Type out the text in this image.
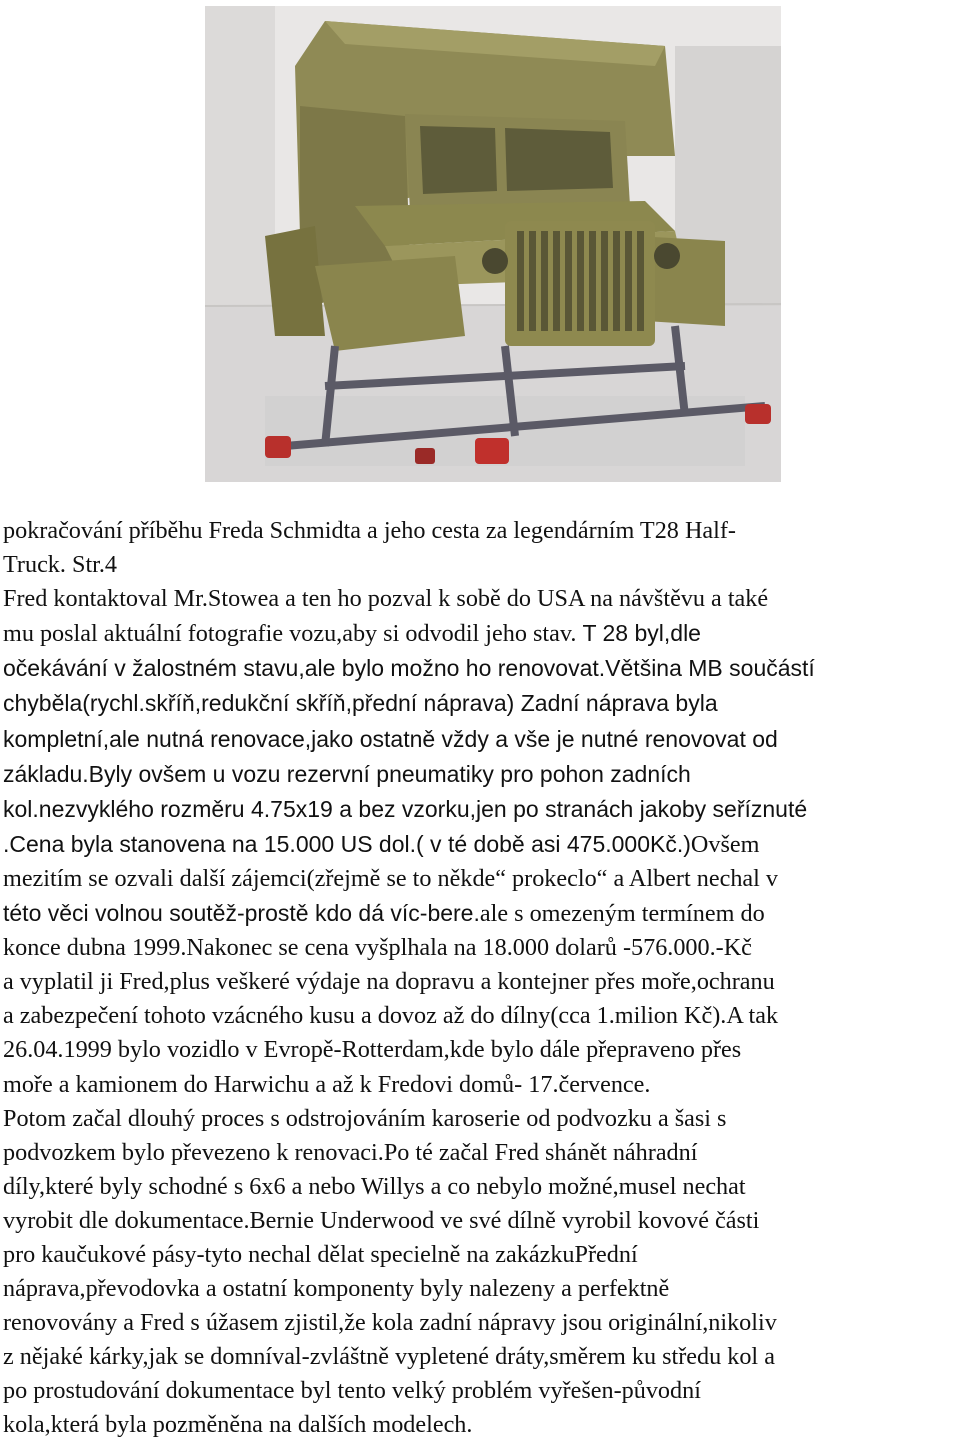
pokračování příběhu Freda Schmidta a jeho cesta za legendárním T28 Half-
Truck. Str.4
Fred kontaktoval Mr.Stowea a ten ho pozval k sobě do USA na návštěvu a také
mu poslal aktuální fotografie vozu,aby si odvodil jeho stav. T 28 byl,dle
očekávání v žalostném stavu,ale bylo možno ho renovovat.Většina MB součástí
chyběla(rychl.skříň,redukční skříň,přední náprava) Zadní náprava byla
kompletní,ale nutná renovace,jako ostatně vždy a vše je nutné renovovat od
základu.Byly ovšem u vozu rezervní pneumatiky pro pohon zadních
kol.nezvyklého rozměru 4.75x19 a bez vzorku,jen po stranách jakoby seříznuté
.Cena byla stanovena na 15.000 US dol.( v té době asi 475.000Kč.)Ovšem
mezitím se ozvali další zájemci(zřejmě se to někde“ prokeclo“ a Albert nechal v
této věci volnou soutěž-prostě kdo dá víc-bere.ale s omezeným termínem do
konce dubna 1999.Nakonec se cena vyšplhala na 18.000 dolarů -576.000.-Kč
a vyplatil ji Fred,plus veškeré výdaje na dopravu a kontejner přes moře,ochranu
a zabezpečení tohoto vzácného kusu a dovoz až do dílny(cca 1.milion Kč).A tak
26.04.1999 bylo vozidlo v Evropě-Rotterdam,kde bylo dále přepraveno přes
moře a kamionem do Harwichu a až k Fredovi domů- 17.července.
Potom začal dlouhý proces s odstrojováním karoserie od podvozku a šasi s
podvozkem bylo převezeno k renovaci.Po té začal Fred shánět náhradní
díly,které byly schodné s 6x6 a nebo Willys a co nebylo možné,musel nechat
vyrobit dle dokumentace.Bernie Underwood ve své dílně vyrobil kovové části
pro kaučukové pásy-tyto nechal dělat specielně na zakázkuPřední
náprava,převodovka a ostatní komponenty byly nalezeny a perfektně
renovovány a Fred s úžasem zjistil,že kola zadní nápravy jsou originální,nikoliv
z nějaké kárky,jak se domníval-zvláštně vypletené dráty,směrem ku středu kol a
po prostudování dokumentace byl tento velký problém vyřešen-původní
kola,která byla pozměněna na dalších modelech.
